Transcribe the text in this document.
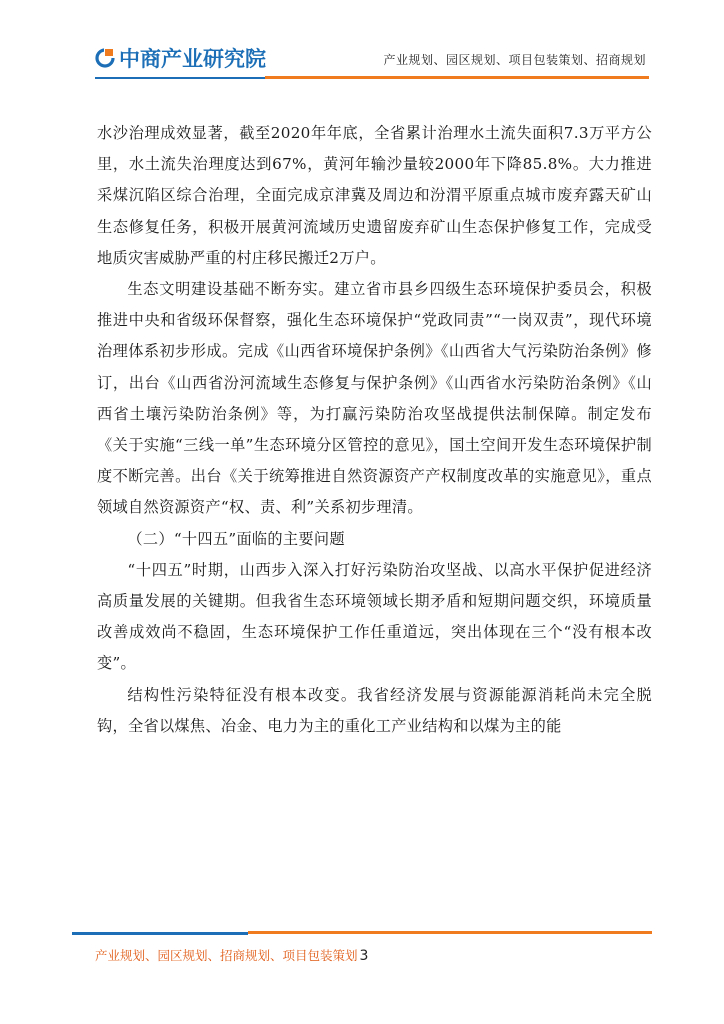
中商产业研究院	产业规划、园区规划、项目包装策划、招商规划

水沙治理成效显著，截至2020年年底，全省累计治理水土流失面积7.3万平方公里，水土流失治理度达到67%，黄河年输沙量较2000年下降85.8%。大力推进采煤沉陷区综合治理，全面完成京津冀及周边和汾渭平原重点城市废弃露天矿山生态修复任务，积极开展黄河流域历史遗留废弃矿山生态保护修复工作，完成受地质灾害威胁严重的村庄移民搬迁2万户。

生态文明建设基础不断夯实。建立省市县乡四级生态环境保护委员会，积极推进中央和省级环保督察，强化生态环境保护“党政同责”“一岗双责”，现代环境治理体系初步形成。完成《山西省环境保护条例》《山西省大气污染防治条例》修订，出台《山西省汾河流域生态修复与保护条例》《山西省水污染防治条例》《山西省土壤污染防治条例》等，为打赢污染防治攻坚战提供法制保障。制定发布《关于实施“三线一单”生态环境分区管控的意见》，国土空间开发生态环境保护制度不断完善。出台《关于统筹推进自然资源资产产权制度改革的实施意见》，重点领域自然资源资产“权、责、利”关系初步理清。

（二）“十四五”面临的主要问题

“十四五”时期，山西步入深入打好污染防治攻坚战、以高水平保护促进经济高质量发展的关键期。但我省生态环境领域长期矛盾和短期问题交织，环境质量改善成效尚不稳固，生态环境保护工作任重道远，突出体现在三个“没有根本改变”。

结构性污染特征没有根本改变。我省经济发展与资源能源消耗尚未完全脱钩，全省以煤焦、冶金、电力为主的重化工产业结构和以煤为主的能

产业规划、园区规划、招商规划、项目包装策划 3
